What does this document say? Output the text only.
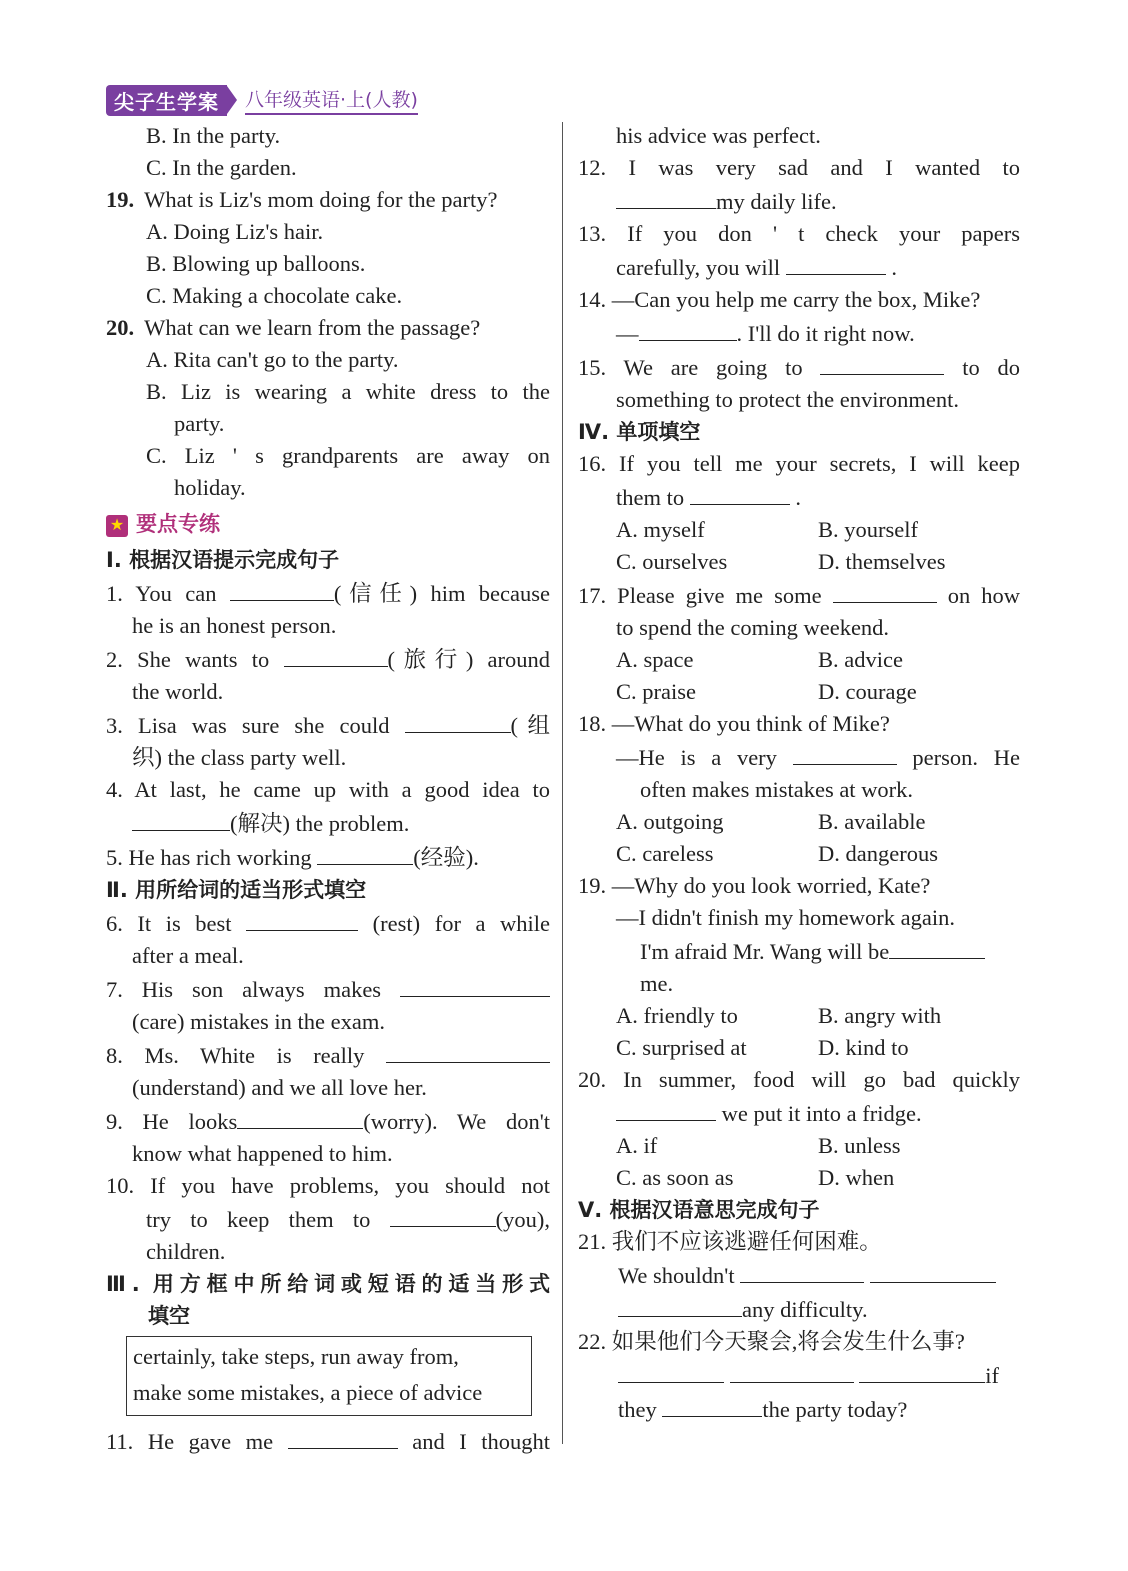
尖子生学案	八年级英语·上(人教)
B. In the party.
C. In the garden.
19. What is Liz's mom doing for the party?
A. Doing Liz's hair.
B. Blowing up balloons.
C. Making a chocolate cake.
20. What can we learn from the passage?
A. Rita can't go to the party.
B. Liz is wearing a white dress to the
party.
C. Liz ' s grandparents are away on
holiday.
★ 要点专练
Ⅰ. 根据汉语提示完成句子
1. You can	(信任) him because
he is an honest person.
2. She wants to	(旅行) around
the world.
3. Lisa was sure she could	(组
织) the class party well.
4. At last, he came up with a good idea to
(解决) the problem.
5. He has rich working	(经验).
Ⅱ. 用所给词的适当形式填空
6. It is best	(rest) for a while
after a meal.
7. His son always makes
(care) mistakes in the exam.
8. Ms. White is really
(understand) and we all love her.
9. He looks	(worry). We don't
know what happened to him.
10. If you have problems, you should not
try to keep them to	(you),
children.
Ⅲ. 用方框中所给词或短语的适当形式
填空
certainly, take steps, run away from,
make some mistakes, a piece of advice
11. He gave me	and I thought
his advice was perfect.
12. I was very sad and I wanted to
my daily life.
13. If you don ' t check your papers
carefully, you will	.
14. —Can you help me carry the box, Mike?
—	. I'll do it right now.
15. We are going to	to do
something to protect the environment.
Ⅳ. 单项填空
16. If you tell me your secrets, I will keep
them to	.
A. myself	B. yourself
C. ourselves	D. themselves
17. Please give me some	on how
to spend the coming weekend.
A. space	B. advice
C. praise	D. courage
18. —What do you think of Mike?
—He is a very	person. He
often makes mistakes at work.
A. outgoing	B. available
C. careless	D. dangerous
19. —Why do you look worried, Kate?
—I didn't finish my homework again.
I'm afraid Mr. Wang will be
me.
A. friendly to	B. angry with
C. surprised at	D. kind to
20. In summer, food will go bad quickly
we put it into a fridge.
A. if	B. unless
C. as soon as	D. when
Ⅴ. 根据汉语意思完成句子
21. 我们不应该逃避任何困难。
We shouldn't
any difficulty.
22. 如果他们今天聚会,将会发生什么事?
if
they	the party today?
